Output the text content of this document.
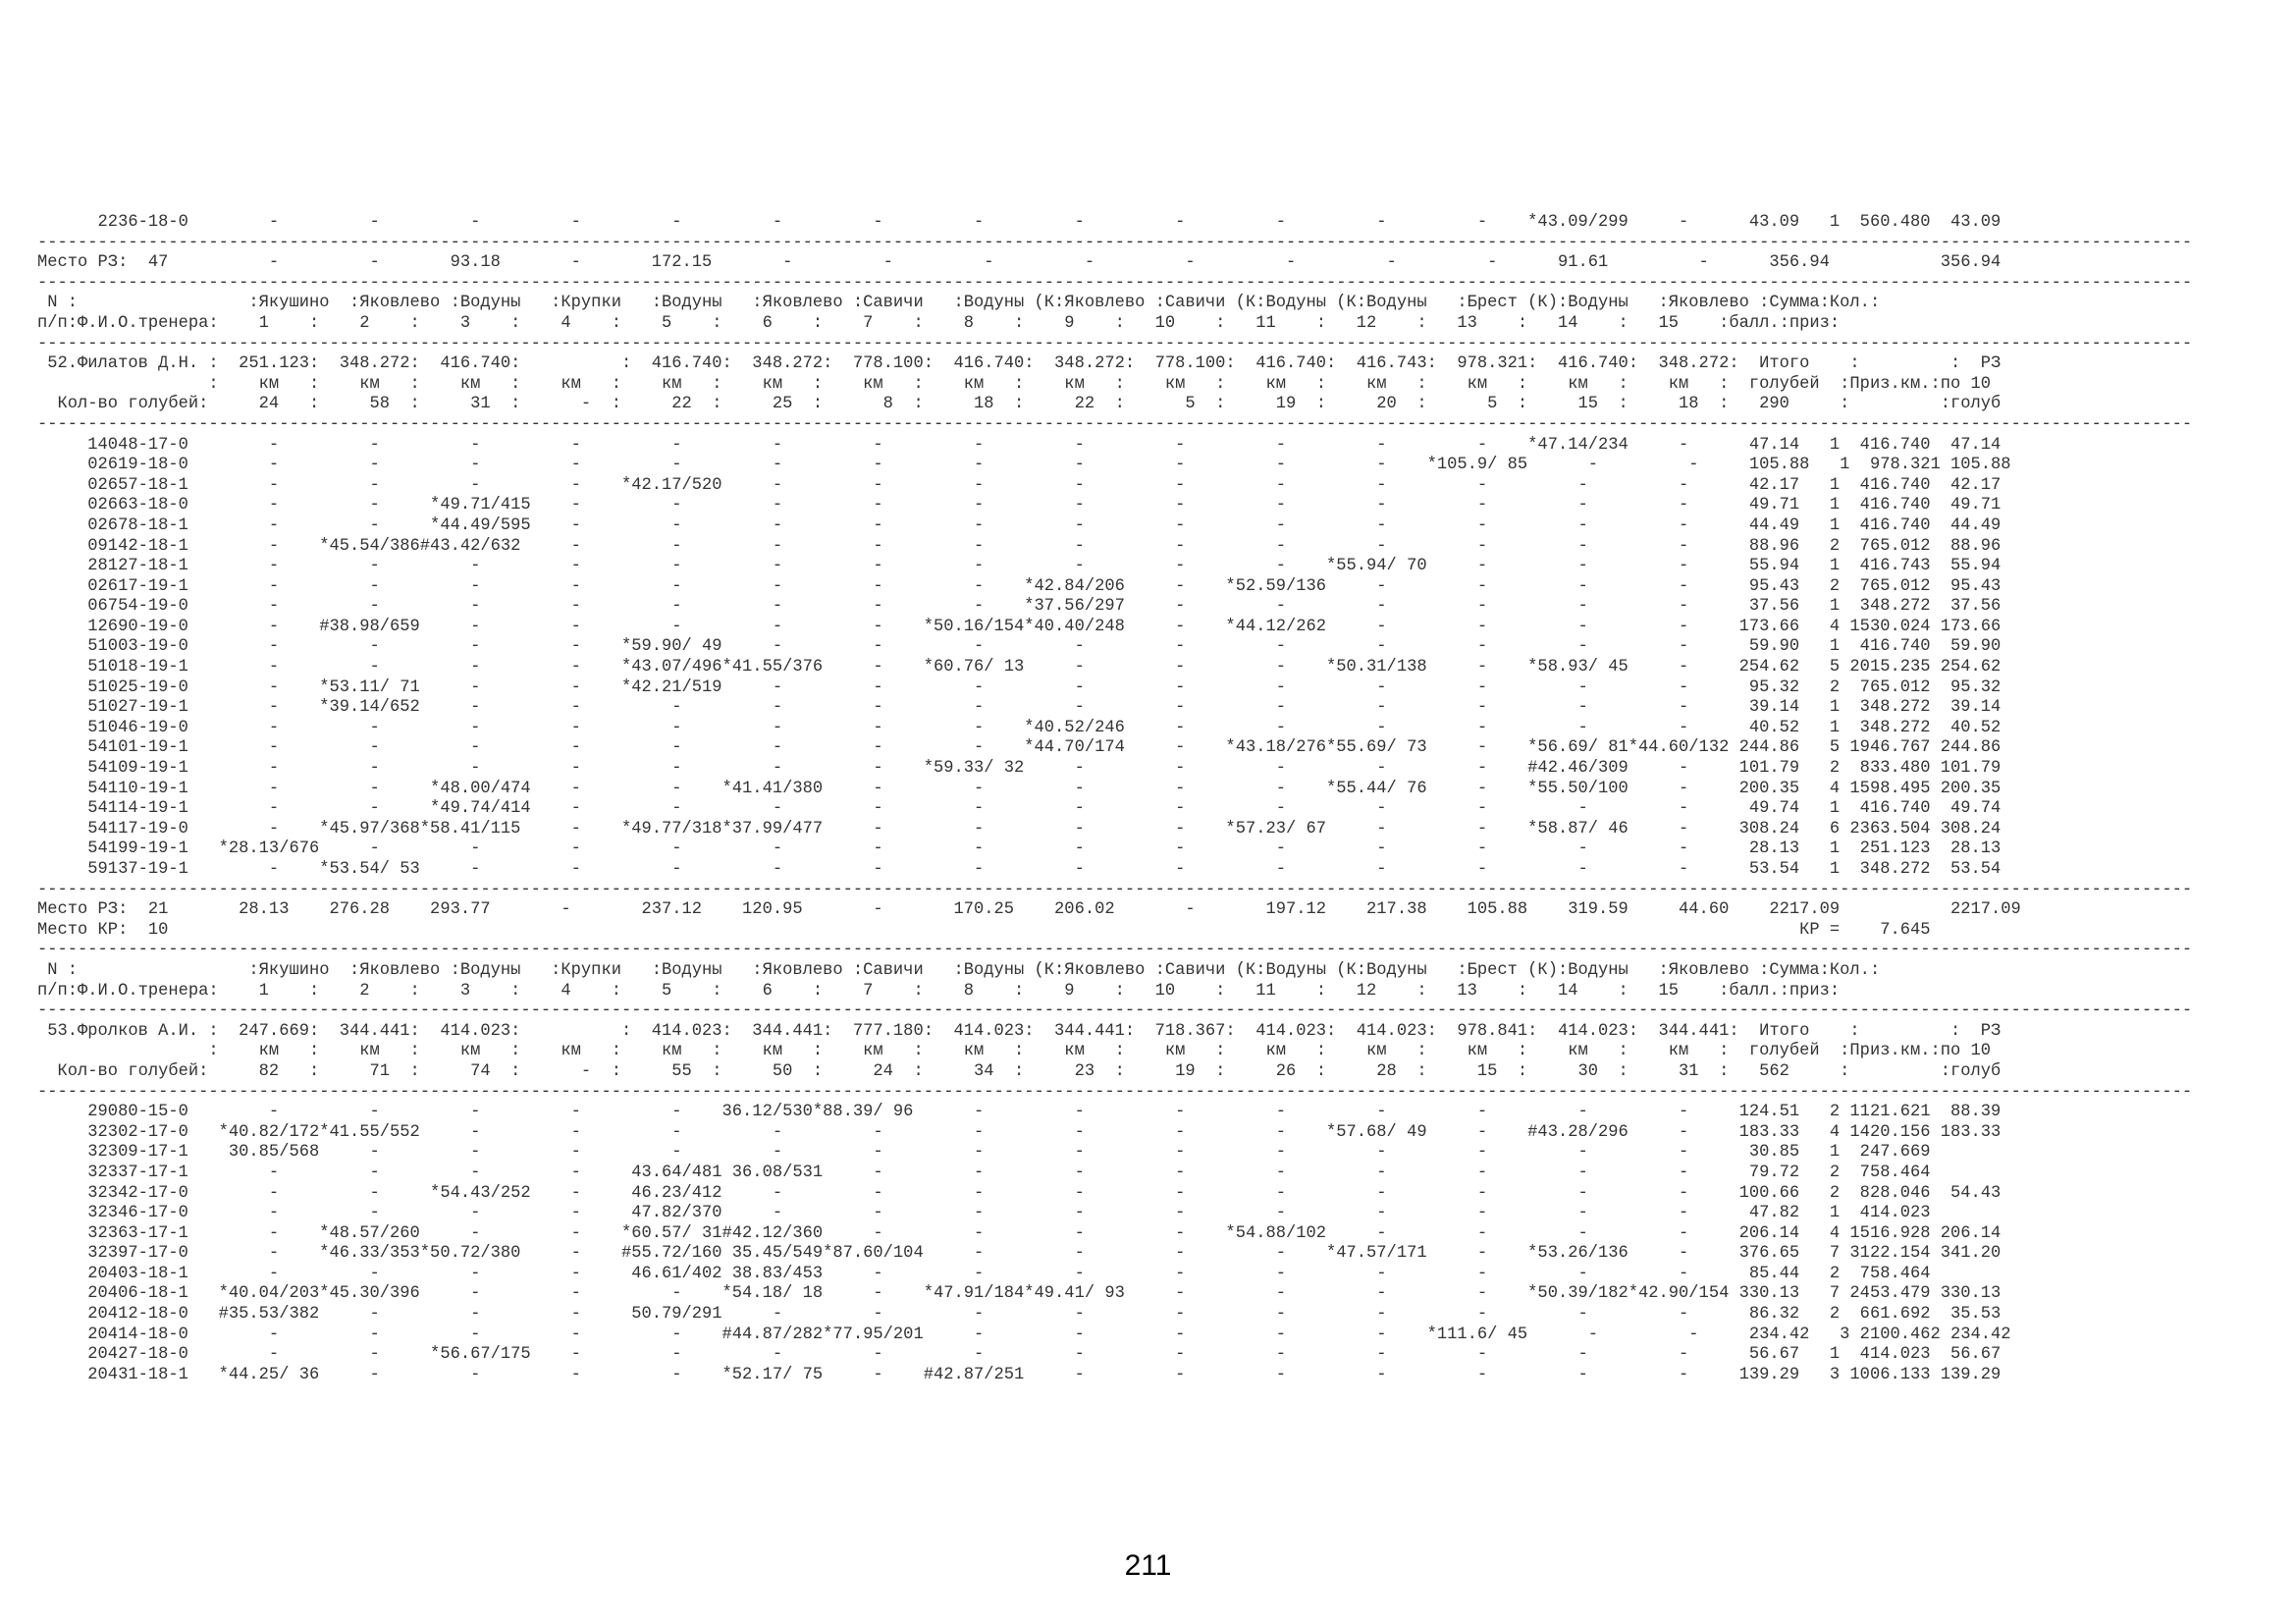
2236-18-0        -         -         -         -         -         -         -         -         -         -         -         -         -    *43.09/299     -      43.09   1  560.480  43.09
----------------------------------------------------------------------------------------------------------------------------------------------------------------------------------------------------------------------
Место РЗ:  47          -         -       93.18       -       172.15       -         -         -         -         -         -         -         -      91.61         -      356.94           356.94
----------------------------------------------------------------------------------------------------------------------------------------------------------------------------------------------------------------------
N :                 :Якушино  :Яковлево :Водуны   :Крупки   :Водуны   :Яковлево :Савичи   :Водуны (К:Яковлево :Савичи (К:Водуны (К:Водуны   :Брест (К):Водуны   :Яковлево :Сумма:Кол.:
п/п:Ф.И.О.тренера:    1    :    2    :    3    :    4    :    5    :    6    :    7    :    8    :    9    :   10    :   11    :   12    :   13    :   14    :   15    :балл.:приз:
----------------------------------------------------------------------------------------------------------------------------------------------------------------------------------------------------------------------
52.Филатов Д.Н. :  251.123:  348.272:  416.740:          :  416.740:  348.272:  778.100:  416.740:  348.272:  778.100:  416.740:  416.743:  978.321:  416.740:  348.272:  Итого    :         :  РЗ
:    км   :    км   :    км   :    км   :    км   :    км   :    км   :    км   :    км   :    км   :    км   :    км   :    км   :    км   :    км   :  голубей  :Приз.км.:по 10
Кол-во голубей:     24   :     58  :     31  :      -  :     22  :     25  :      8  :     18  :     22  :      5  :     19  :     20  :      5  :     15  :     18  :   290     :         :голуб
----------------------------------------------------------------------------------------------------------------------------------------------------------------------------------------------------------------------
14048-17-0        -         -         -         -         -         -         -         -         -         -         -         -         -    *47.14/234     -      47.14   1  416.740  47.14
02619-18-0        -         -         -         -         -         -         -         -         -         -         -         -    *105.9/ 85      -         -     105.88   1  978.321 105.88
02657-18-1        -         -         -         -    *42.17/520     -         -         -         -         -         -         -         -         -         -      42.17   1  416.740  42.17
02663-18-0        -         -     *49.71/415    -         -         -         -         -         -         -         -         -         -         -         -      49.71   1  416.740  49.71
02678-18-1        -         -     *44.49/595    -         -         -         -         -         -         -         -         -         -         -         -      44.49   1  416.740  44.49
09142-18-1        -    *45.54/386#43.42/632     -         -         -         -         -         -         -         -         -         -         -         -      88.96   2  765.012  88.96
28127-18-1        -         -         -         -         -         -         -         -         -         -         -    *55.94/ 70     -         -         -      55.94   1  416.743  55.94
02617-19-1        -         -         -         -         -         -         -         -    *42.84/206     -    *52.59/136     -         -         -         -      95.43   2  765.012  95.43
06754-19-0        -         -         -         -         -         -         -         -    *37.56/297     -         -         -         -         -         -      37.56   1  348.272  37.56
12690-19-0        -    #38.98/659     -         -         -         -         -    *50.16/154*40.40/248     -    *44.12/262     -         -         -         -     173.66   4 1530.024 173.66
51003-19-0        -         -         -         -    *59.90/ 49     -         -         -         -         -         -         -         -         -         -      59.90   1  416.740  59.90
51018-19-1        -         -         -         -    *43.07/496*41.55/376     -    *60.76/ 13     -         -         -    *50.31/138     -    *58.93/ 45     -     254.62   5 2015.235 254.62
51025-19-0        -    *53.11/ 71     -         -    *42.21/519     -         -         -         -         -         -         -         -         -         -      95.32   2  765.012  95.32
51027-19-1        -    *39.14/652     -         -         -         -         -         -         -         -         -         -         -         -         -      39.14   1  348.272  39.14
51046-19-0        -         -         -         -         -         -         -         -    *40.52/246     -         -         -         -         -         -      40.52   1  348.272  40.52
54101-19-1        -         -         -         -         -         -         -         -    *44.70/174     -    *43.18/276*55.69/ 73     -    *56.69/ 81*44.60/132 244.86   5 1946.767 244.86
54109-19-1        -         -         -         -         -         -         -    *59.33/ 32     -         -         -         -         -    #42.46/309     -     101.79   2  833.480 101.79
54110-19-1        -         -     *48.00/474    -         -    *41.41/380     -         -         -         -         -    *55.44/ 76     -    *55.50/100     -     200.35   4 1598.495 200.35
54114-19-1        -         -     *49.74/414    -         -         -         -         -         -         -         -         -         -         -         -      49.74   1  416.740  49.74
54117-19-0        -    *45.97/368*58.41/115     -    *49.77/318*37.99/477     -         -         -         -    *57.23/ 67     -         -    *58.87/ 46     -     308.24   6 2363.504 308.24
54199-19-1   *28.13/676     -         -         -         -         -         -         -         -         -         -         -         -         -         -      28.13   1  251.123  28.13
59137-19-1        -    *53.54/ 53     -         -         -         -         -         -         -         -         -         -         -         -         -      53.54   1  348.272  53.54
----------------------------------------------------------------------------------------------------------------------------------------------------------------------------------------------------------------------
Место РЗ:  21       28.13    276.28    293.77       -       237.12    120.95       -       170.25    206.02       -       197.12    217.38    105.88    319.59     44.60    2217.09           2217.09
Место КР:  10                                                                                                                                                                  КР =    7.645
----------------------------------------------------------------------------------------------------------------------------------------------------------------------------------------------------------------------
N :                 :Якушино  :Яковлево :Водуны   :Крупки   :Водуны   :Яковлево :Савичи   :Водуны (К:Яковлево :Савичи (К:Водуны (К:Водуны   :Брест (К):Водуны   :Яковлево :Сумма:Кол.:
п/п:Ф.И.О.тренера:    1    :    2    :    3    :    4    :    5    :    6    :    7    :    8    :    9    :   10    :   11    :   12    :   13    :   14    :   15    :балл.:приз:
----------------------------------------------------------------------------------------------------------------------------------------------------------------------------------------------------------------------
53.Фролков А.И. :  247.669:  344.441:  414.023:          :  414.023:  344.441:  777.180:  414.023:  344.441:  718.367:  414.023:  414.023:  978.841:  414.023:  344.441:  Итого    :         :  РЗ
:    км   :    км   :    км   :    км   :    км   :    км   :    км   :    км   :    км   :    км   :    км   :    км   :    км   :    км   :    км   :  голубей  :Приз.км.:по 10
Кол-во голубей:     82   :     71  :     74  :      -  :     55  :     50  :     24  :     34  :     23  :     19  :     26  :     28  :     15  :     30  :     31  :   562     :         :голуб
----------------------------------------------------------------------------------------------------------------------------------------------------------------------------------------------------------------------
29080-15-0        -         -         -         -         -    36.12/530*88.39/ 96      -         -         -         -         -         -         -         -     124.51   2 1121.621  88.39
32302-17-0   *40.82/172*41.55/552     -         -         -         -         -         -         -         -         -    *57.68/ 49     -    #43.28/296     -     183.33   4 1420.156 183.33
32309-17-1    30.85/568     -         -         -         -         -         -         -         -         -         -         -         -         -         -      30.85   1  247.669
32337-17-1        -         -         -         -     43.64/481 36.08/531     -         -         -         -         -         -         -         -         -      79.72   2  758.464
32342-17-0        -         -     *54.43/252    -     46.23/412     -         -         -         -         -         -         -         -         -         -     100.66   2  828.046  54.43
32346-17-0        -         -         -         -     47.82/370     -         -         -         -         -         -         -         -         -         -      47.82   1  414.023
32363-17-1        -    *48.57/260     -         -    *60.57/ 31#42.12/360     -         -         -         -    *54.88/102     -         -         -         -     206.14   4 1516.928 206.14
32397-17-0        -    *46.33/353*50.72/380     -    #55.72/160 35.45/549*87.60/104     -         -         -         -    *47.57/171     -    *53.26/136     -     376.65   7 3122.154 341.20
20403-18-1        -         -         -         -     46.61/402 38.83/453     -         -         -         -         -         -         -         -         -      85.44   2  758.464
20406-18-1   *40.04/203*45.30/396     -         -         -    *54.18/ 18     -    *47.91/184*49.41/ 93     -         -         -         -    *50.39/182*42.90/154 330.13   7 2453.479 330.13
20412-18-0   #35.53/382     -         -         -     50.79/291     -         -         -         -         -         -         -         -         -         -      86.32   2  661.692  35.53
20414-18-0        -         -         -         -         -    #44.87/282*77.95/201     -         -         -         -         -    *111.6/ 45      -         -     234.42   3 2100.462 234.42
20427-18-0        -         -     *56.67/175    -         -         -         -         -         -         -         -         -         -         -         -      56.67   1  414.023  56.67
20431-18-1   *44.25/ 36     -         -         -         -    *52.17/ 75     -    #42.87/251     -         -         -         -         -         -         -     139.29   3 1006.133 139.29
211
